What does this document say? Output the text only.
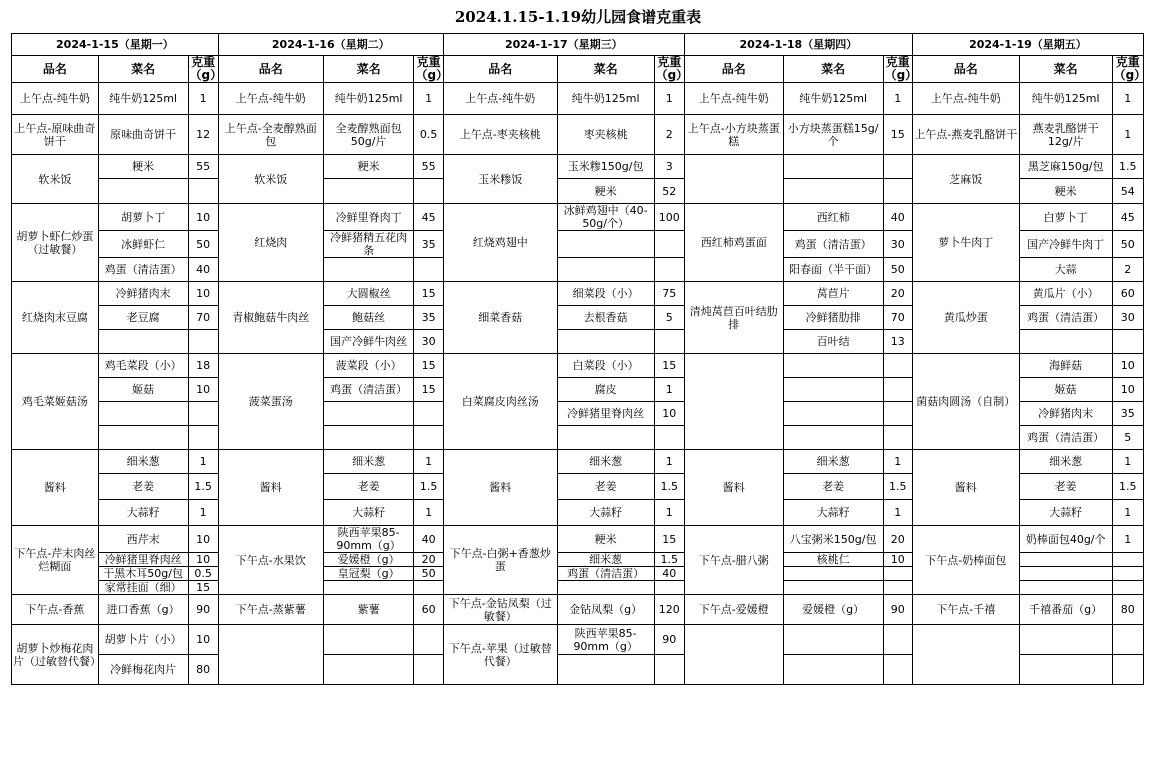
2024.1.15-1.19幼儿园食谱克重表
2024-1-15（星期一）			2024-1-16（星期二）			2024-1-17（星期三）			2024-1-18（星期四）			2024-1-19（星期五）		
品名	菜名	克重（g）	品名	菜名	克重（g）	品名	菜名	克重（g）	品名	菜名	克重（g）	品名	菜名	克重（g）
上午点-纯牛奶	纯牛奶125ml	1	上午点-纯牛奶	纯牛奶125ml	1	上午点-纯牛奶	纯牛奶125ml	1	上午点-纯牛奶	纯牛奶125ml	1	上午点-纯牛奶	纯牛奶125ml	1
上午点-原味曲奇饼干	原味曲奇饼干	12	上午点-全麦醇熟面包	全麦醇熟面包50g/片	0.5	上午点-枣夹核桃	枣夹核桃	2	上午点-小方块蒸蛋糕	小方块蒸蛋糕15g/个	15	上午点-燕麦乳酪饼干	燕麦乳酪饼干12g/片	1
软米饭	粳米	55	软米饭	粳米	55	玉米糁饭	玉米糁150g/包	3				芝麻饭	黑芝麻150g/包	1.5
							粳米	52					粳米	54
胡萝卜虾仁炒蛋（过敏餐）	胡萝卜丁	10	红烧肉	冷鲜里脊肉丁	45	红烧鸡翅中	冰鲜鸡翅中（40-50g/个）	100	西红柿鸡蛋面	西红柿	40	萝卜牛肉丁	白萝卜丁	45
	冰鲜虾仁	50		冷鲜猪精五花肉条	35					鸡蛋（清洁蛋）	30		国产冷鲜牛肉丁	50
	鸡蛋（清洁蛋）	40								阳春面（半干面）	50		大蒜	2
红烧肉末豆腐	冷鲜猪肉末	10	青椒鲍菇牛肉丝	大圆椒丝	15	细菜香菇	细菜段（小）	75	清炖莴苣百叶结肋排	莴苣片	20	黄瓜炒蛋	黄瓜片（小）	60
	老豆腐	70		鲍菇丝	35		去根香菇	5		冷鲜猪肋排	70		鸡蛋（清洁蛋）	30
				国产冷鲜牛肉丝	30					百叶结	13			
鸡毛菜姬菇汤	鸡毛菜段（小）	18	菠菜蛋汤	菠菜段（小）	15	白菜腐皮肉丝汤	白菜段（小）	15				菌菇肉圆汤（自制）	海鲜菇	10
	姬菇	10		鸡蛋（清洁蛋）	15		腐皮	1					姬菇	10
							冷鲜猪里脊肉丝	10					冷鲜猪肉末	35
													鸡蛋（清洁蛋）	5
酱料	细米葱	1	酱料	细米葱	1	酱料	细米葱	1	酱料	细米葱	1	酱料	细米葱	1
	老姜	1.5		老姜	1.5		老姜	1.5		老姜	1.5		老姜	1.5
	大蒜籽	1		大蒜籽	1		大蒜籽	1		大蒜籽	1		大蒜籽	1
下午点-芹末肉丝烂糊面	西芹末	10	下午点-水果饮	陕西苹果85-90mm（g）	40	下午点-白粥+香葱炒蛋	粳米	15	下午点-腊八粥	八宝粥米150g/包	20	下午点-奶棒面包	奶棒面包40g/个	1
	冷鲜猪里脊肉丝	10		爱媛橙（g）	20		细米葱	1.5		核桃仁	10			
	干黑木耳50g/包	0.5		皇冠梨（g）	50		鸡蛋（清洁蛋）	40						
	家常挂面（细）	15												
下午点-香蕉	进口香蕉（g）	90	下午点-蒸紫薯	紫薯	60	下午点-金钻凤梨（过敏餐）	金钻凤梨（g）	120	下午点-爱媛橙	爱媛橙（g）	90	下午点-千禧	千禧番茄（g）	80
胡萝卜炒梅花肉片（过敏替代餐）	胡萝卜片（小）	10				下午点-苹果（过敏替代餐）	陕西苹果85-90mm（g）	90						
	冷鲜梅花肉片	80												
